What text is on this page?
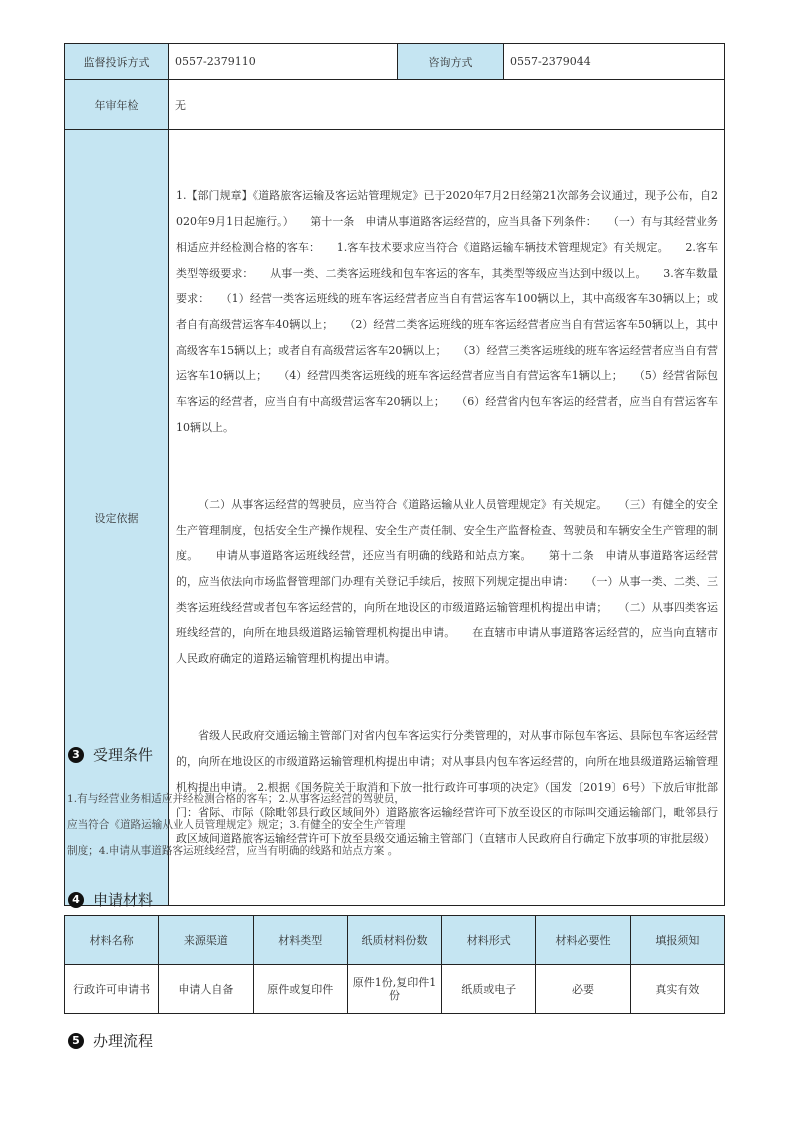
监督投诉方式	0557-2379110	咨询方式	0557-2379044
年审年检	无		
设定依据	1.【部门规章】《道路旅客运输及客运站管理规定》已于2020年7月2日经第21次部务会议通过，现予公布，自2020年9月1日起施行。）　　第十一条　申请从事道路客运经营的，应当具备下列条件：　　（一）有与其经营业务相适应并经检测合格的客车：　　1.客车技术要求应当符合《道路运输车辆技术管理规定》有关规定。　　2.客车类型等级要求：　　从事一类、二类客运班线和包车客运的客车，其类型等级应当达到中级以上。　　3.客车数量要求：　　（1）经营一类客运班线的班车客运经营者应当自有营运客车100辆以上，其中高级客车30辆以上；或者自有高级营运客车40辆以上；　　（2）经营二类客运班线的班车客运经营者应当自有营运客车50辆以上，其中高级客车15辆以上；或者自有高级营运客车20辆以上；　　（3）经营三类客运班线的班车客运经营者应当自有营运客车10辆以上；　　（4）经营四类客运班线的班车客运经营者应当自有营运客车1辆以上；　　（5）经营省际包车客运的经营者，应当自有中高级营运客车20辆以上；　　（6）经营省内包车客运的经营者，应当自有营运客车10辆以上。

（二）从事客运经营的驾驶员，应当符合《道路运输从业人员管理规定》有关规定。　　（三）有健全的安全生产管理制度，包括安全生产操作规程、安全生产责任制、安全生产监督检查、驾驶员和车辆安全生产管理的制度。　　申请从事道路客运班线经营，还应当有明确的线路和站点方案。　　第十二条　申请从事道路客运经营的，应当依法向市场监督管理部门办理有关登记手续后，按照下列规定提出申请：　　（一）从事一类、二类、三类客运班线经营或者包车客运经营的，向所在地设区的市级道路运输管理机构提出申请；　　（二）从事四类客运班线经营的，向所在地县级道路运输管理机构提出申请。　　在直辖市申请从事道路客运经营的，应当向直辖市人民政府确定的道路运输管理机构提出申请。

省级人民政府交通运输主管部门对省内包车客运实行分类管理的，对从事市际包车客运、县际包车客运经营的，向所在地设区的市级道路运输管理机构提出申请；对从事县内包车客运经营的，向所在地县级道路运输管理机构提出申请。 2.根据《国务院关于取消和下放一批行政许可事项的决定》（国发〔2019〕6号）下放后审批部门：省际、市际（除毗邻县行政区域间外）道路旅客运输经营许可下放至设区的市际叫交通运输部门，毗邻县行政区域间道路旅客运输经营许可下放至县级交通运输主管部门（直辖市人民政府自行确定下放事项的审批层级）		

3 受理条件
1.有与经营业务相适应并经检测合格的客车；2.从事客运经营的驾驶员，
应当符合《道路运输从业人员管理规定》规定；3.有健全的安全生产管理
制度；4.申请从事道路客运班线经营，应当有明确的线路和站点方案 。
4 申请材料
材料名称	来源渠道	材料类型	纸质材料份数	材料形式	材料必要性	填报须知
行政许可申请书	申请人自备	原件或复印件	原件1份,复印件1份	纸质或电子	必要	真实有效
5 办理流程
